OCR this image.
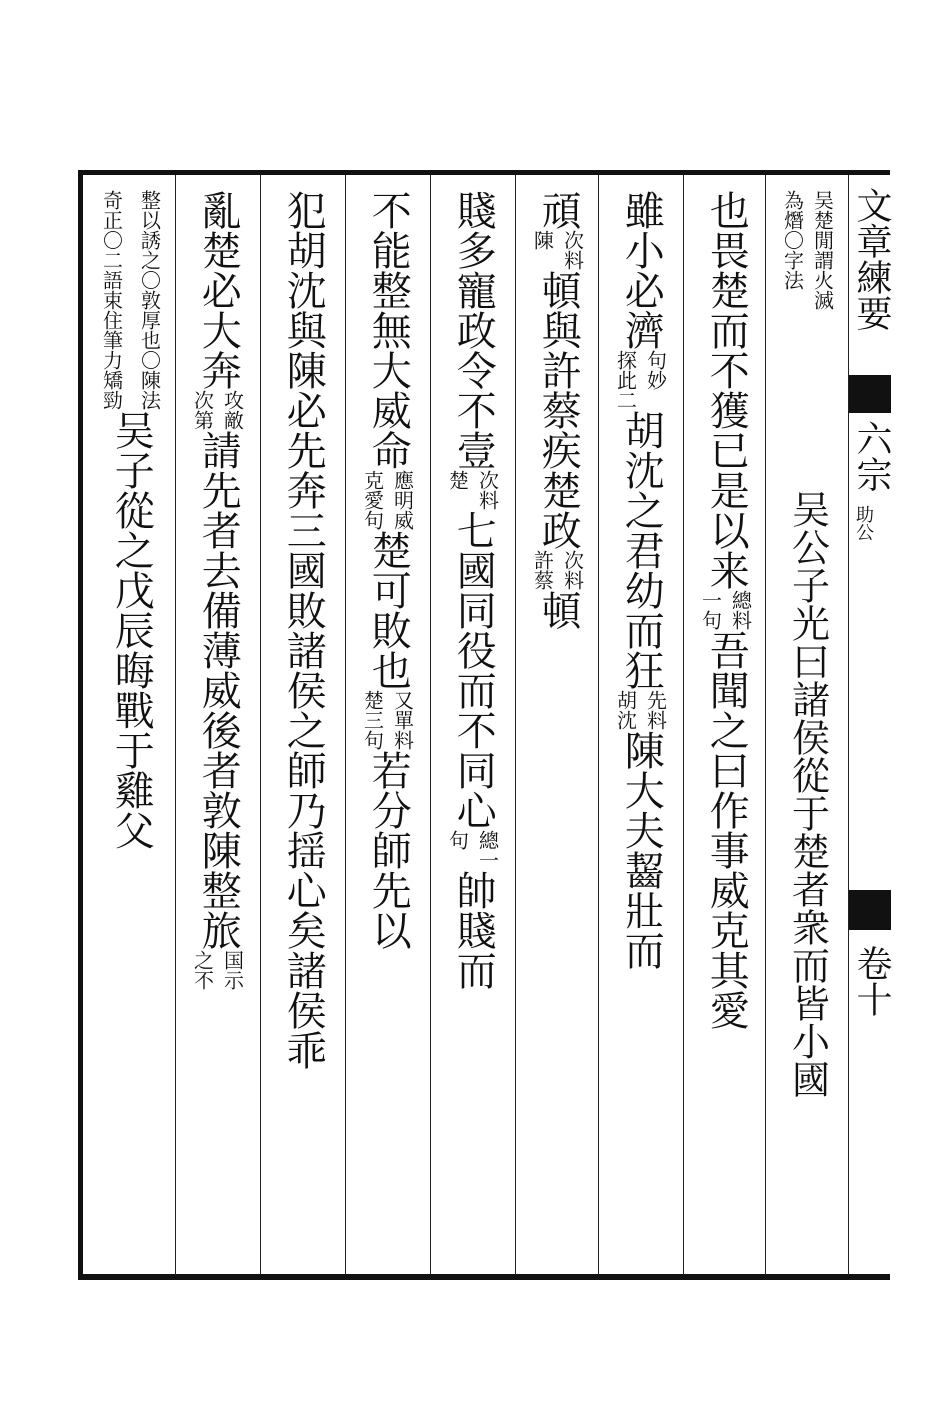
文章練要
六宗
助公
卷十
吴楚閒謂火滅
為熸〇字法
吴公子光曰諸侯從于楚者衆而皆小國
也畏楚而不獲已是以来
總料
一句
吾聞之曰作事威克其愛
雖小必濟
句妙
探此二
胡沈之君幼而狂
先料
胡沈
陳大夫齧壯而
頑
次料
陳
頓與許蔡疾楚政
次料
許蔡
頓
賤多寵政令不壹
次料
楚
七國同役而不同心
總一
句
帥賤而
不能整無大威命
應明威
克愛句
楚可敗也
又單料
楚三句
若分師先以
犯胡沈與陳必先奔三國敗諸侯之師乃揺心矣諸侯乖
亂楚必大奔
攻敵
次第
請先者去備薄威後者敦陳整旅
国示
之不
整以誘之〇敦厚也〇陳法
奇正〇二語束住筆力矯勁
吴子從之戊辰晦戰于雞父
